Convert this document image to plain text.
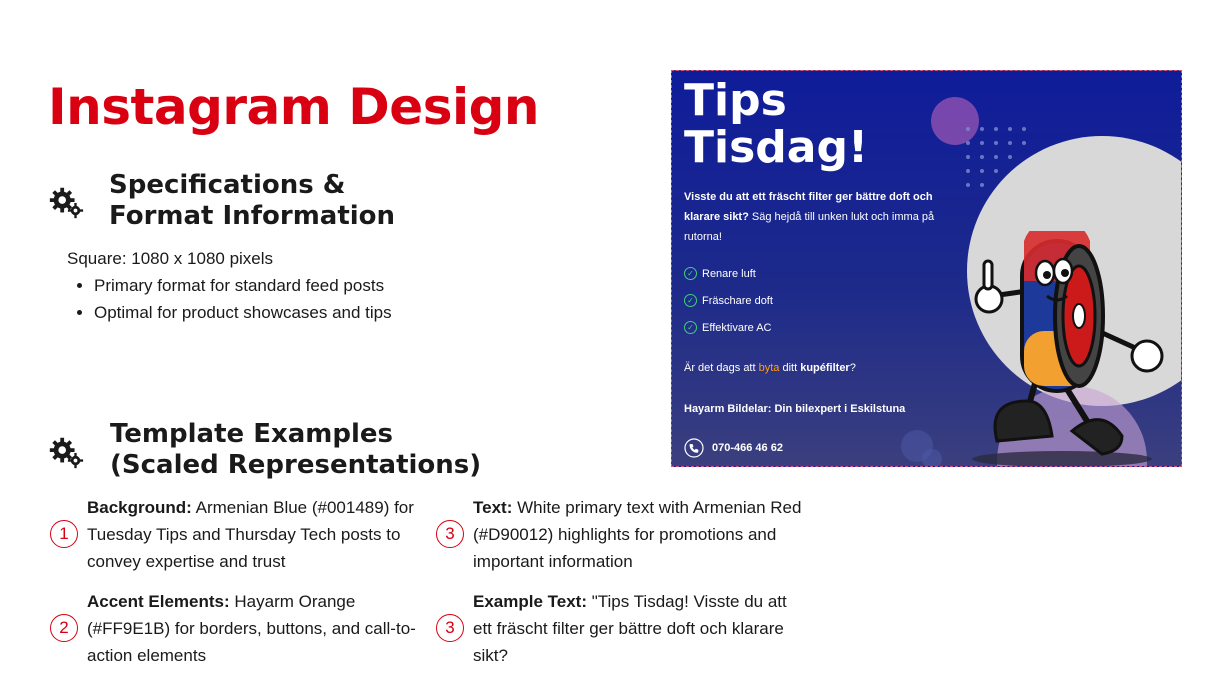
Instagram Design
Specifications &
Format Information
Square: 1080 x 1080 pixels
• Primary format for standard feed posts
• Optimal for product showcases and tips
Template Examples
(Scaled Representations)
1
Background: Armenian Blue (#001489) for Tuesday Tips and Thursday Tech posts to convey expertise and trust
2
Accent Elements: Hayarm Orange (#FF9E1B) for borders, buttons, and call-to-action elements
3
Text: White primary text with Armenian Red (#D90012) highlights for promotions and important information
3
Example Text: "Tips Tisdag! Visste du att ett fräscht filter ger bättre doft och klarare sikt?
Tips
Tisdag!
Visste du att ett fräscht filter ger bättre doft och klarare sikt? Säg hejdå till unken lukt och imma på rutorna!
✓ Renare luft
✓ Fräschare doft
✓ Effektivare AC
Är det dags att byta ditt kupéfilter?
Hayarm Bildelar: Din bilexpert i Eskilstuna
070-466 46 62
